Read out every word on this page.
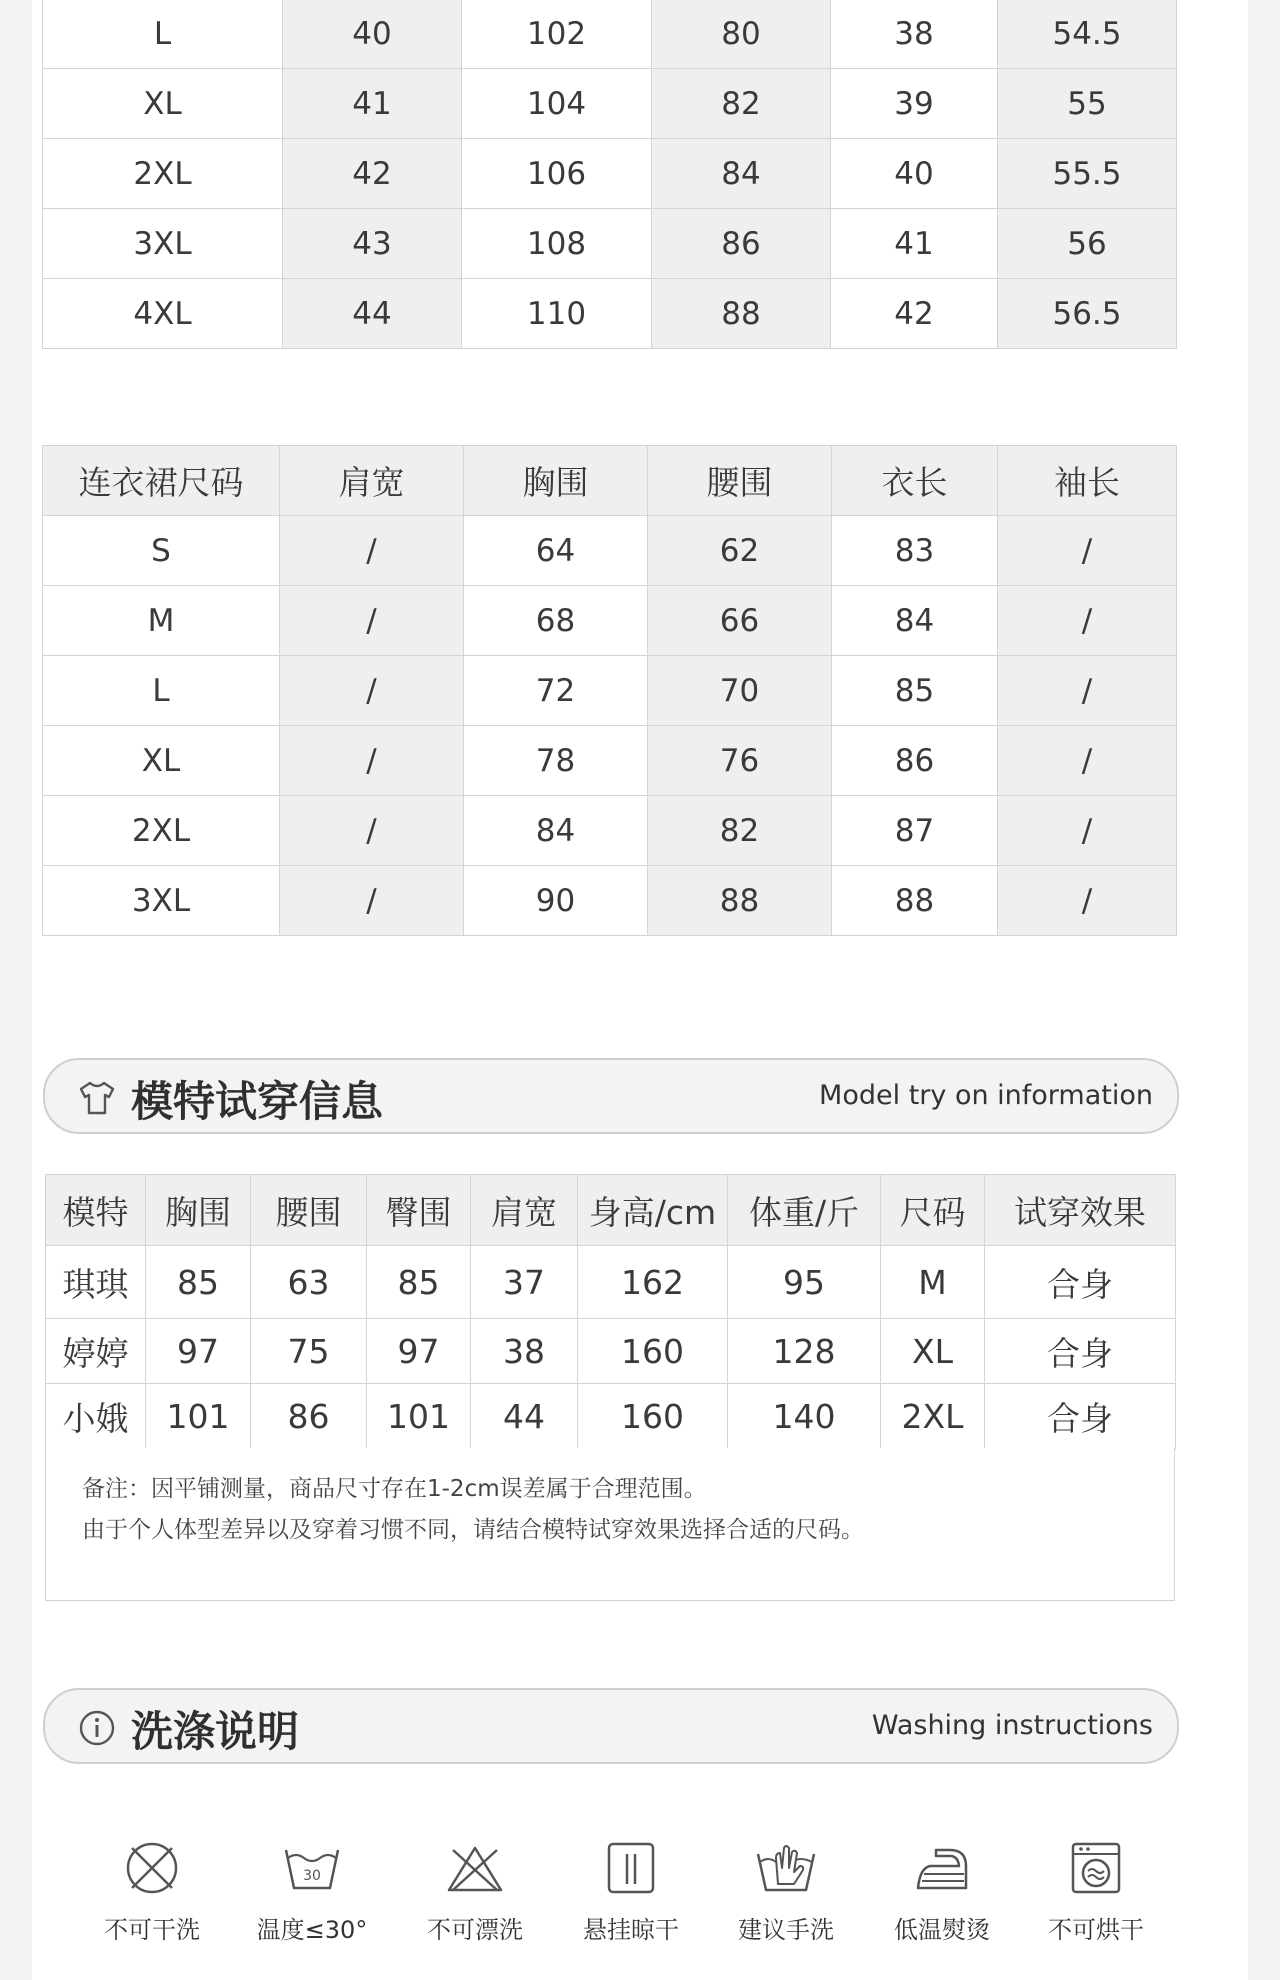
L	40	102	80	38	54.5
XL	41	104	82	39	55
2XL	42	106	84	40	55.5
3XL	43	108	86	41	56
4XL	44	110	88	42	56.5
连衣裙尺码	肩宽	胸围	腰围	衣长	袖长
S	/	64	62	83	/
M	/	68	66	84	/
L	/	72	70	85	/
XL	/	78	76	86	/
2XL	/	84	82	87	/
3XL	/	90	88	88	/
模特试穿信息	Model try on information
模特	胸围	腰围	臀围	肩宽	身高/cm	体重/斤	尺码	试穿效果
琪琪	85	63	85	37	162	95	M	合身
婷婷	97	75	97	38	160	128	XL	合身
小娥	101	86	101	44	160	140	2XL	合身

备注：因平铺测量，商品尺寸存在1-2cm误差属于合理范围。

由于个人体型差异以及穿着习惯不同，请结合模特试穿效果选择合适的尺码。

洗涤说明	Washing instructions
不可干洗
30
温度≤30°	不可漂洗	悬挂晾干	建议手洗	低温熨烫	不可烘干
